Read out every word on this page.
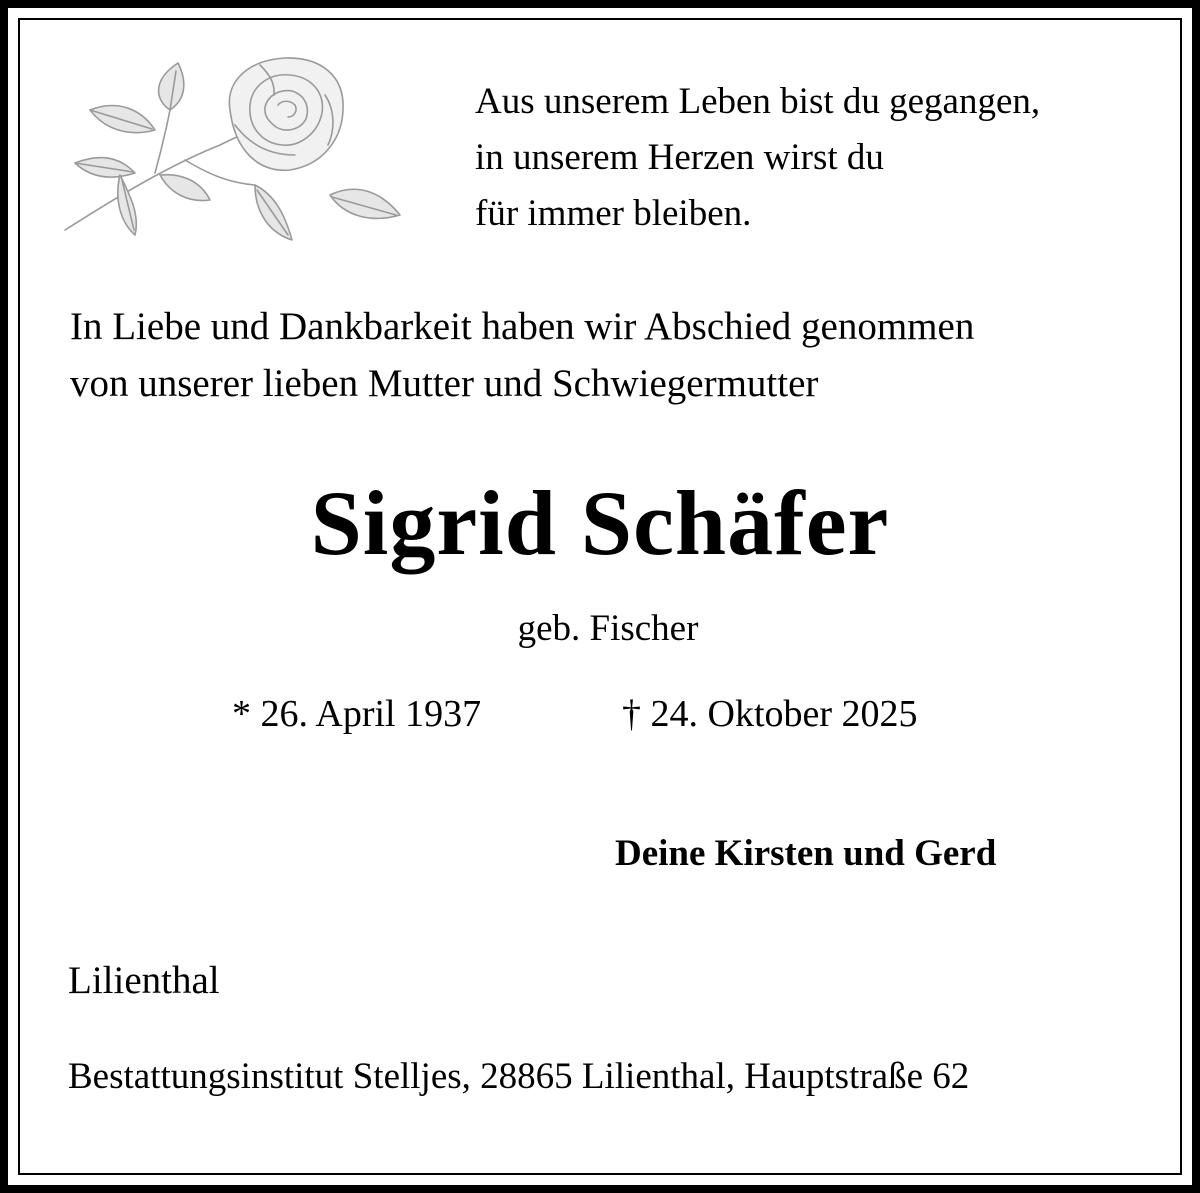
Aus unserem Leben bist du gegangen,
in unserem Herzen wirst du
für immer bleiben.
In Liebe und Dankbarkeit haben wir Abschied genommen
von unserer lieben Mutter und Schwiegermutter
Sigrid Schäfer
geb. Fischer
* 26. April 1937	† 24. Oktober 2025
Deine Kirsten und Gerd
Lilienthal
Bestattungsinstitut Stelljes, 28865 Lilienthal, Hauptstraße 62
